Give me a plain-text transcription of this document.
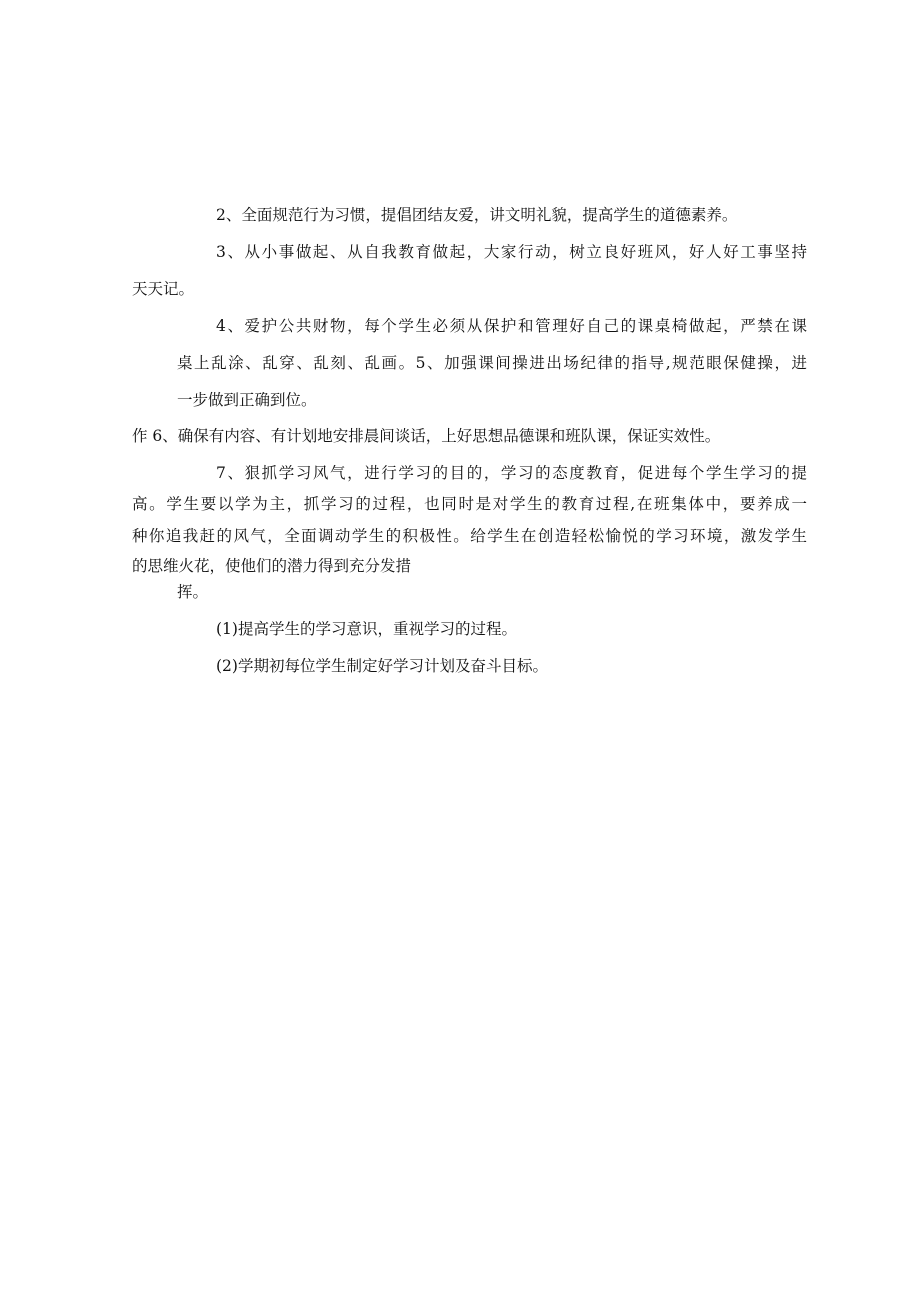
2、全面规范行为习惯，提倡团结友爱，讲文明礼貌，提高学生的道德素养。
3、从小事做起、从自我教育做起，大家行动，树立良好班风，好人好工事坚持
天天记。
4、爱护公共财物，每个学生必须从保护和管理好自己的课桌椅做起，严禁在课
桌上乱涂、乱穿、乱刻、乱画。5、加强课间操进出场纪律的指导,规范眼保健操，进
一步做到正确到位。
作 6、确保有内容、有计划地安排晨间谈话，上好思想品德课和班队课，保证实效性。
7、狠抓学习风气，进行学习的目的，学习的态度教育，促进每个学生学习的提
高。学生要以学为主，抓学习的过程，也同时是对学生的教育过程,在班集体中，要养成一
种你追我赶的风气，全面调动学生的积极性。给学生在创造轻松愉悦的学习环境，激发学生
的思维火花，使他们的潜力得到充分发措
挥。
(1)提高学生的学习意识，重视学习的过程。
(2)学期初每位学生制定好学习计划及奋斗目标。
